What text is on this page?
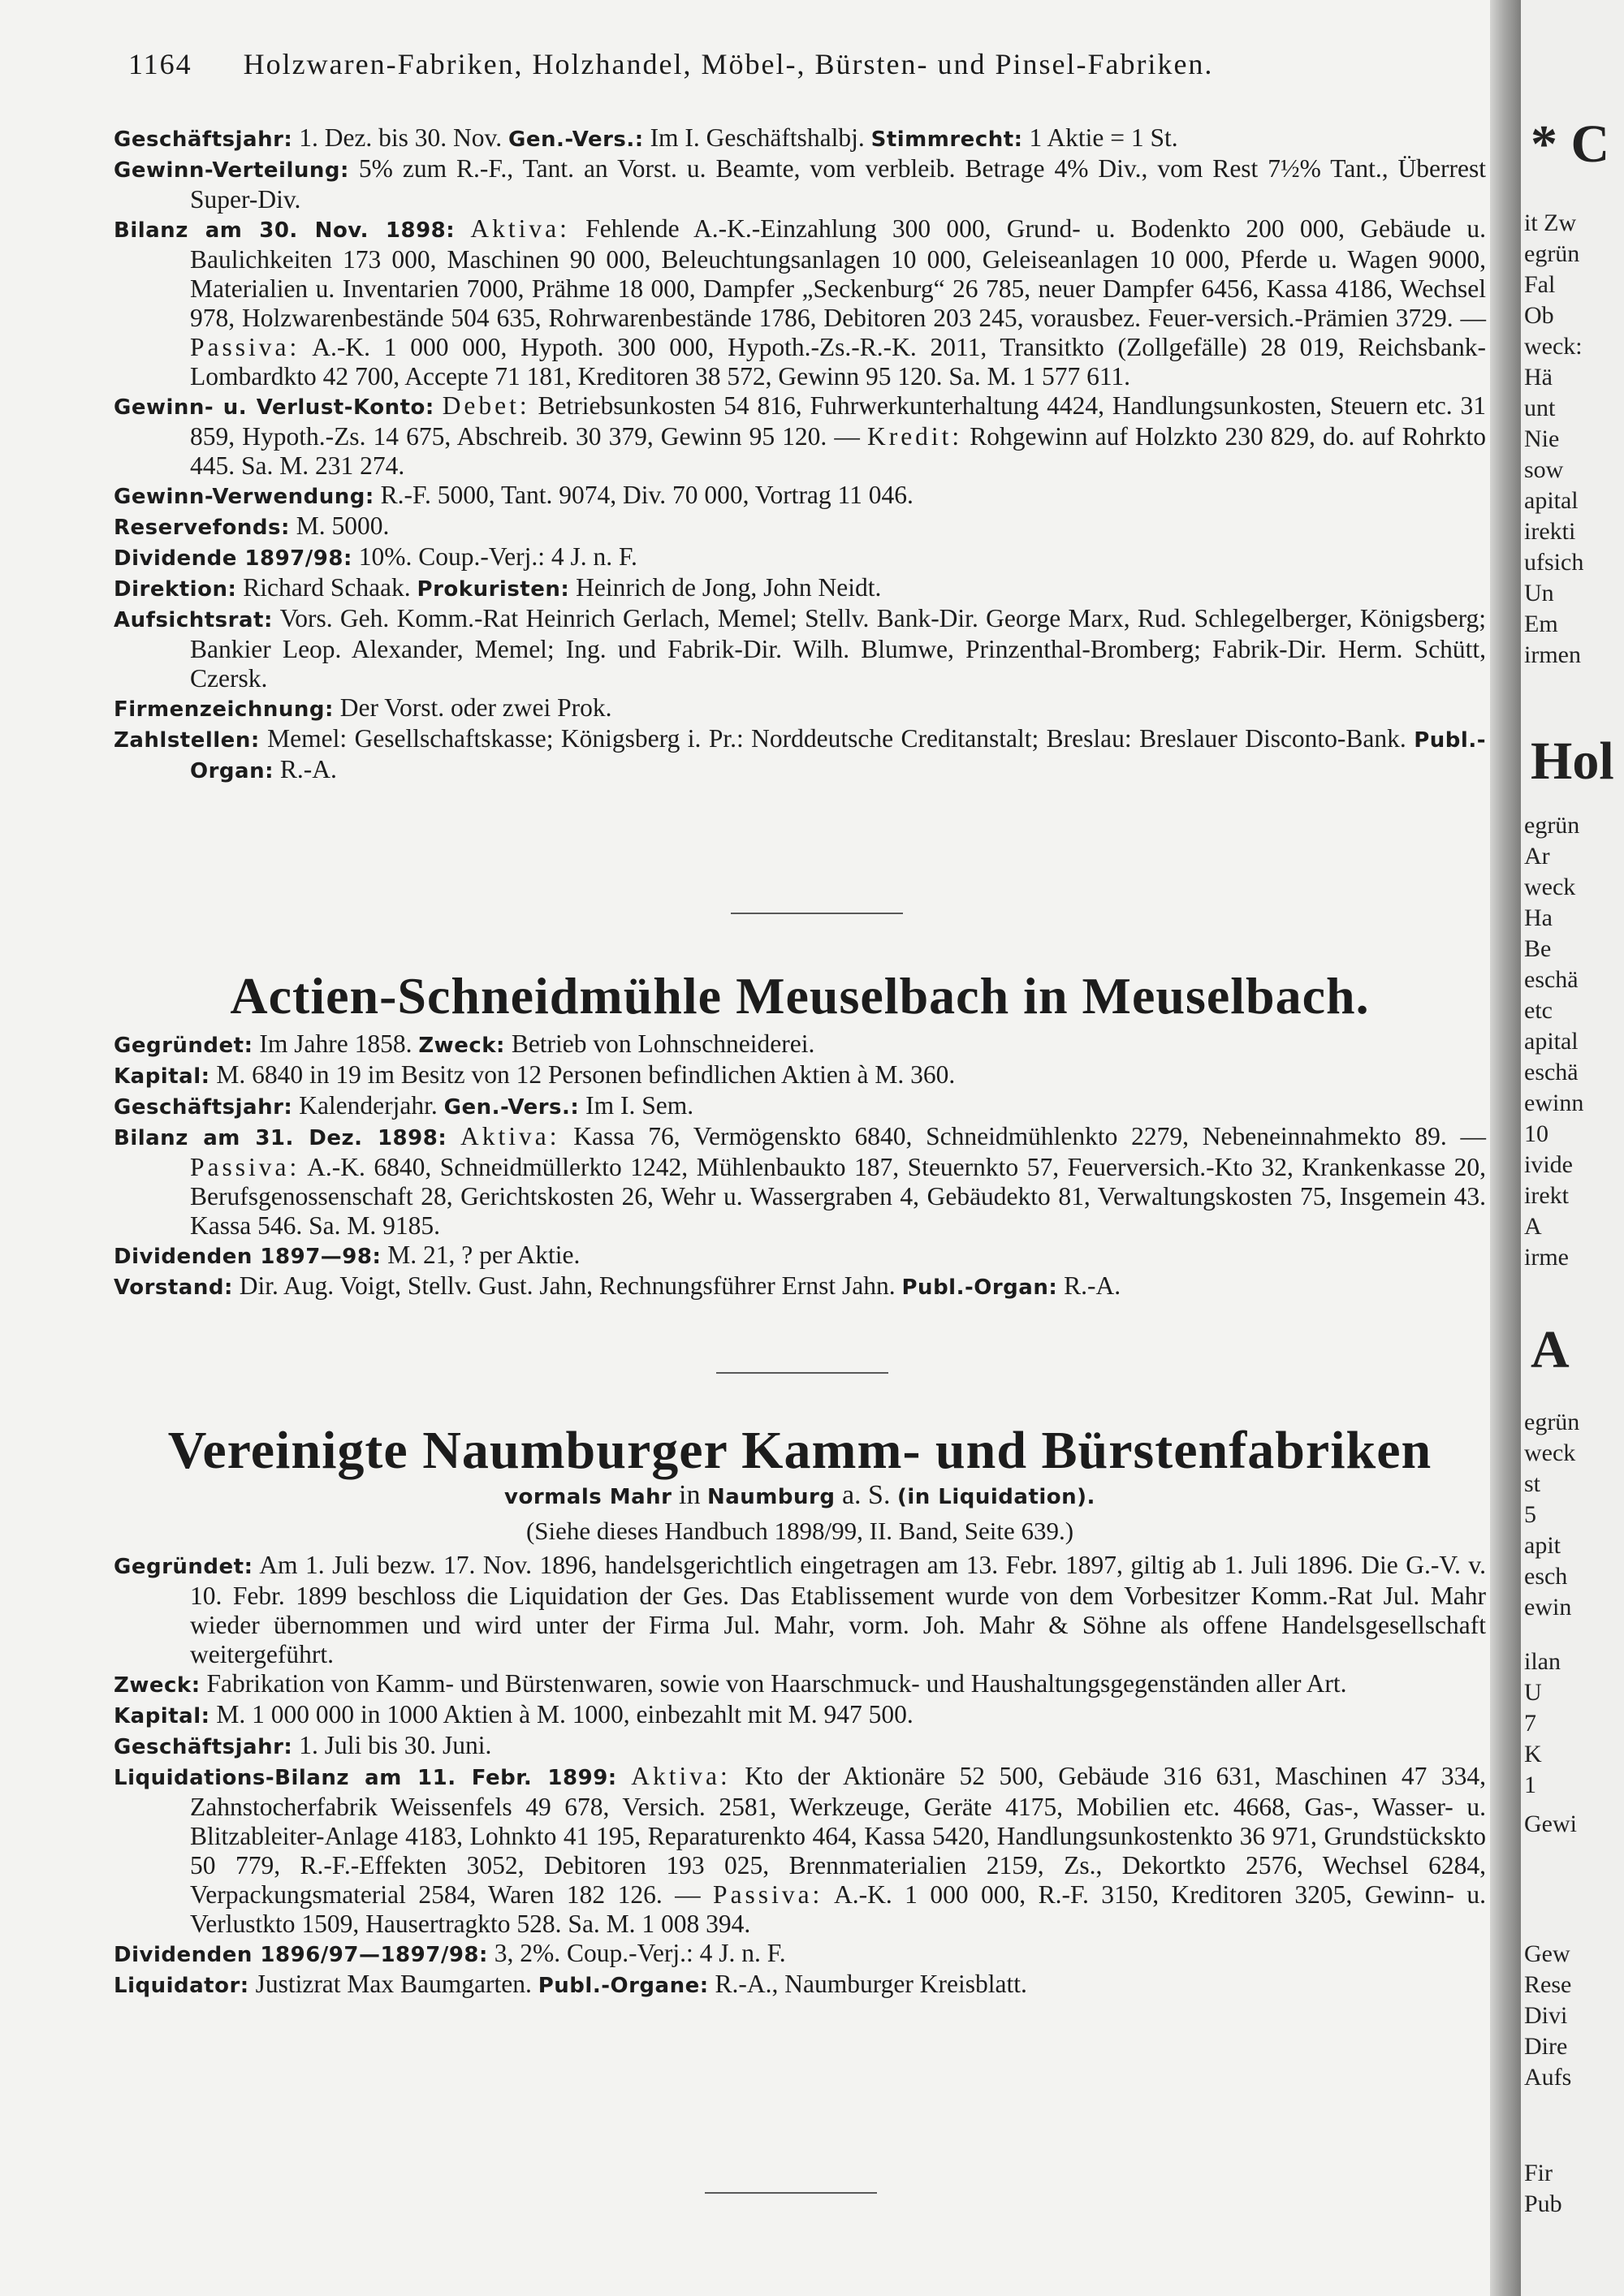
1164 Holzwaren-Fabriken, Holzhandel, Möbel-, Bürsten- und Pinsel-Fabriken.
Geschäftsjahr: 1. Dez. bis 30. Nov. Gen.-Vers.: Im I. Geschäftshalbj. Stimmrecht: 1 Aktie = 1 St.
Gewinn-Verteilung: 5% zum R.-F., Tant. an Vorst. u. Beamte, vom verbleib. Betrage 4% Div., vom Rest 7½% Tant., Überrest Super-Div.
Bilanz am 30. Nov. 1898: Aktiva: Fehlende A.-K.-Einzahlung 300 000, Grund- u. Bodenkto 200 000, Gebäude u. Baulichkeiten 173 000, Maschinen 90 000, Beleuchtungsanlagen 10 000, Geleiseanlagen 10 000, Pferde u. Wagen 9000, Materialien u. Inventarien 7000, Prähme 18 000, Dampfer „Seckenburg“ 26 785, neuer Dampfer 6456, Kassa 4186, Wechsel 978, Holzwarenbestände 504 635, Rohrwarenbestände 1786, Debitoren 203 245, vorausbez. Feuer-versich.-Prämien 3729. — Passiva: A.-K. 1 000 000, Hypoth. 300 000, Hypoth.-Zs.-R.-K. 2011, Transitkto (Zollgefälle) 28 019, Reichsbank-Lombardkto 42 700, Accepte 71 181, Kreditoren 38 572, Gewinn 95 120. Sa. M. 1 577 611.
Gewinn- u. Verlust-Konto: Debet: Betriebsunkosten 54 816, Fuhrwerkunterhaltung 4424, Handlungsunkosten, Steuern etc. 31 859, Hypoth.-Zs. 14 675, Abschreib. 30 379, Gewinn 95 120. — Kredit: Rohgewinn auf Holzkto 230 829, do. auf Rohrkto 445. Sa. M. 231 274.
Gewinn-Verwendung: R.-F. 5000, Tant. 9074, Div. 70 000, Vortrag 11 046.
Reservefonds: M. 5000.
Dividende 1897/98: 10%. Coup.-Verj.: 4 J. n. F.
Direktion: Richard Schaak. Prokuristen: Heinrich de Jong, John Neidt.
Aufsichtsrat: Vors. Geh. Komm.-Rat Heinrich Gerlach, Memel; Stellv. Bank-Dir. George Marx, Rud. Schlegelberger, Königsberg; Bankier Leop. Alexander, Memel; Ing. und Fabrik-Dir. Wilh. Blumwe, Prinzenthal-Bromberg; Fabrik-Dir. Herm. Schütt, Czersk.
Firmenzeichnung: Der Vorst. oder zwei Prok.
Zahlstellen: Memel: Gesellschaftskasse; Königsberg i. Pr.: Norddeutsche Creditanstalt; Breslau: Breslauer Disconto-Bank. Publ.-Organ: R.-A.
Actien-Schneidmühle Meuselbach in Meuselbach.
Gegründet: Im Jahre 1858. Zweck: Betrieb von Lohnschneiderei.
Kapital: M. 6840 in 19 im Besitz von 12 Personen befindlichen Aktien à M. 360.
Geschäftsjahr: Kalenderjahr. Gen.-Vers.: Im I. Sem.
Bilanz am 31. Dez. 1898: Aktiva: Kassa 76, Vermögensktо 6840, Schneidmühlenkto 2279, Nebeneinnahmekto 89. — Passiva: A.-K. 6840, Schneidmüllerkto 1242, Mühlenbaukto 187, Steuernkto 57, Feuerversich.-Kto 32, Krankenkasse 20, Berufsgenossenschaft 28, Gerichtskosten 26, Wehr u. Wassergraben 4, Gebäudekto 81, Verwaltungskosten 75, Insgemein 43. Kassa 546. Sa. M. 9185.
Dividenden 1897—98: M. 21, ? per Aktie.
Vorstand: Dir. Aug. Voigt, Stellv. Gust. Jahn, Rechnungsführer Ernst Jahn. Publ.-Organ: R.-A.
Vereinigte Naumburger Kamm- und Bürstenfabriken
vormals Mahr in Naumburg a. S. (in Liquidation).
(Siehe dieses Handbuch 1898/99, II. Band, Seite 639.)
Gegründet: Am 1. Juli bezw. 17. Nov. 1896, handelsgerichtlich eingetragen am 13. Febr. 1897, giltig ab 1. Juli 1896. Die G.-V. v. 10. Febr. 1899 beschloss die Liquidation der Ges. Das Etablissement wurde von dem Vorbesitzer Komm.-Rat Jul. Mahr wieder übernommen und wird unter der Firma Jul. Mahr, vorm. Joh. Mahr & Söhne als offene Handelsgesellschaft weitergeführt.
Zweck: Fabrikation von Kamm- und Bürstenwaren, sowie von Haarschmuck- und Haushaltungsgegenständen aller Art.
Kapital: M. 1 000 000 in 1000 Aktien à M. 1000, einbezahlt mit M. 947 500.
Geschäftsjahr: 1. Juli bis 30. Juni.
Liquidations-Bilanz am 11. Febr. 1899: Aktiva: Kto der Aktionäre 52 500, Gebäude 316 631, Maschinen 47 334, Zahnstocherfabrik Weissenfels 49 678, Versich. 2581, Werkzeuge, Geräte 4175, Mobilien etc. 4668, Gas-, Wasser- u. Blitzableiter-Anlage 4183, Lohnkto 41 195, Reparaturenkto 464, Kassa 5420, Handlungsunkostenkto 36 971, Grundstückskto 50 779, R.-F.-Effekten 3052, Debitoren 193 025, Brennmaterialien 2159, Zs., Dekortkto 2576, Wechsel 6284, Verpackungsmaterial 2584, Waren 182 126. — Passiva: A.-K. 1 000 000, R.-F. 3150, Kreditoren 3205, Gewinn- u. Verlustkto 1509, Hausertragkto 528. Sa. M. 1 008 394.
Dividenden 1896/97—1897/98: 3, 2%. Coup.-Verj.: 4 J. n. F.
Liquidator: Justizrat Max Baumgarten. Publ.-Organe: R.-A., Naumburger Kreisblatt.
* C
it Zw
egrün
Fal
Ob
weck:
Hä
unt
Nie
sow
apital
irekti
ufsich
Un
Em
irmen
Hol
egrün
Ar
weck
Ha
Be
eschä
etc
apital
eschä
ewinn
10
ivide
irekt
A
irme
A
egrün
weck
st
5
apit
esch
ewin
ilan
U
7
K
1
Gewi
Gew
Rese
Divi
Dire
Aufs
Fir
Pub
